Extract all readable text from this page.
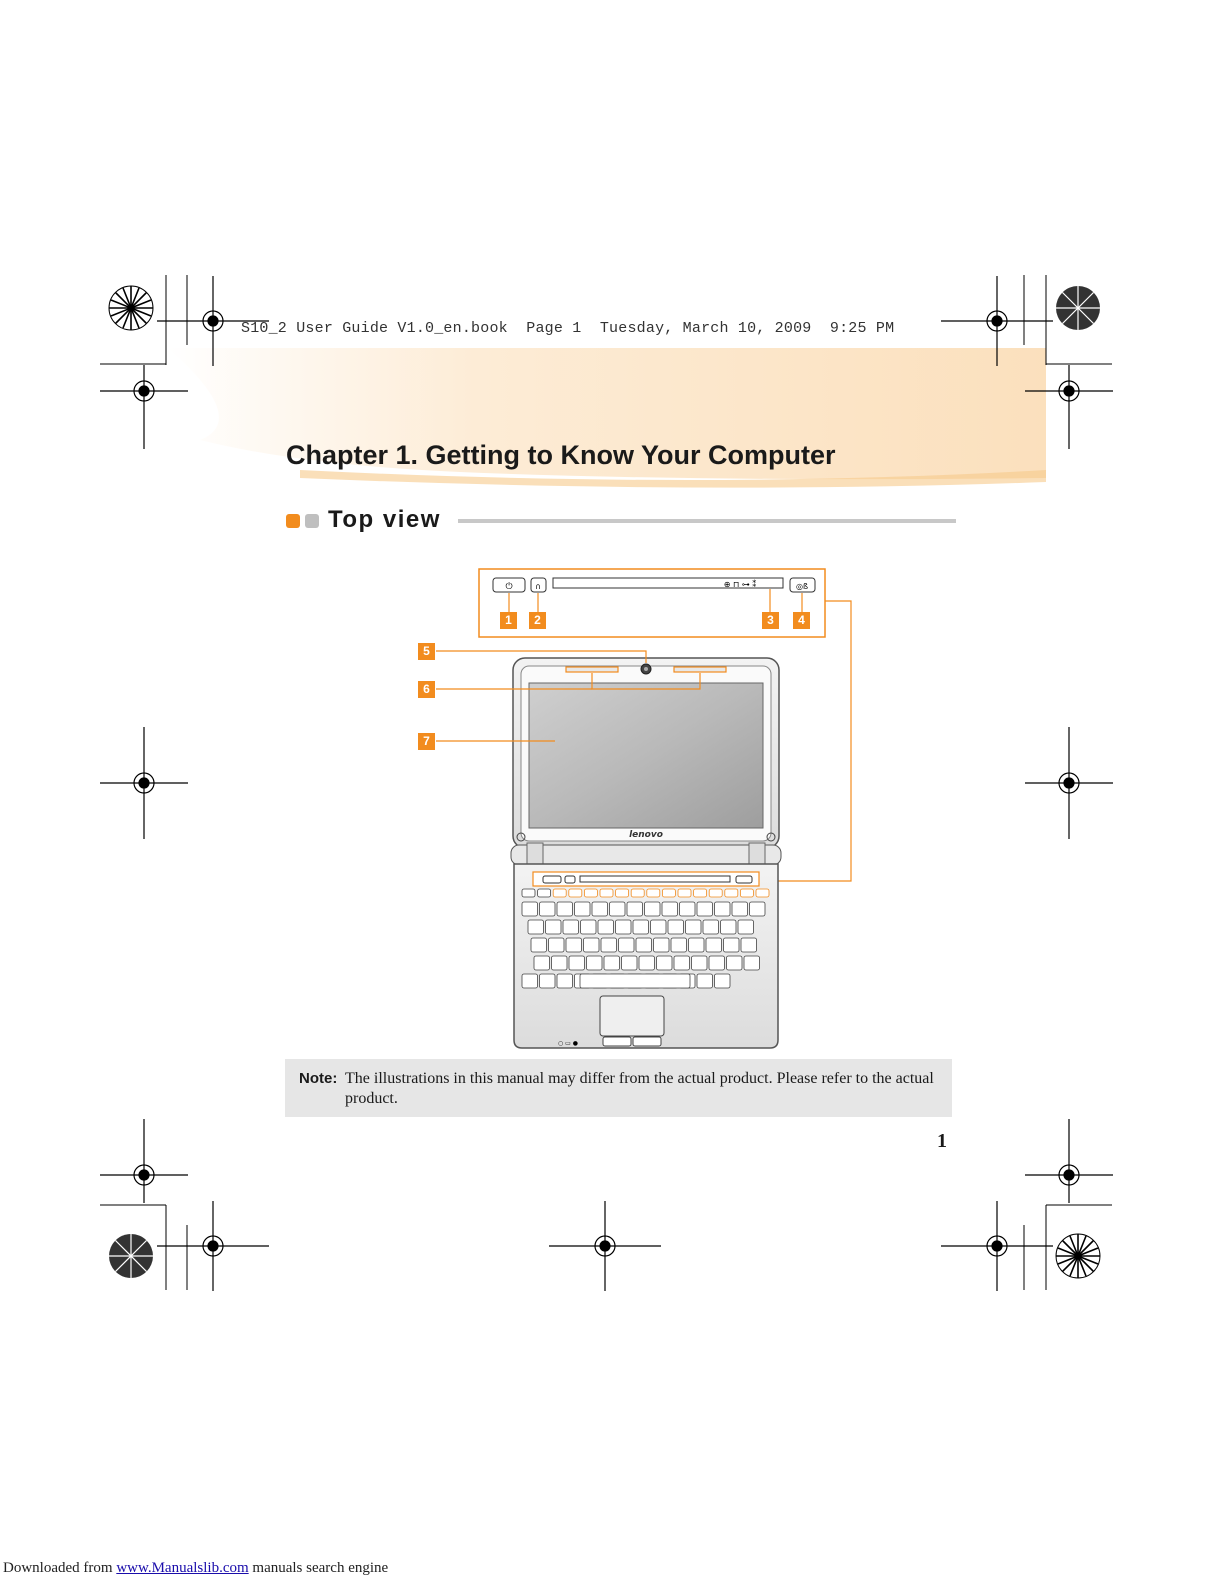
S10_2 User Guide V1.0_en.book  Page 1  Tuesday, March 10, 2009  9:25 PM
Chapter 1. Getting to Know Your Computer
Top view
⏻	∩	⊕ ⊓ ⊶ ⁑	◎ß
lenovo
○ ▭ ●
1	2	3	4
5
6
7
Note: The illustrations in this manual may differ from the actual product. Please refer to the actual product.
1
Downloaded from www.Manualslib.com manuals search engine
